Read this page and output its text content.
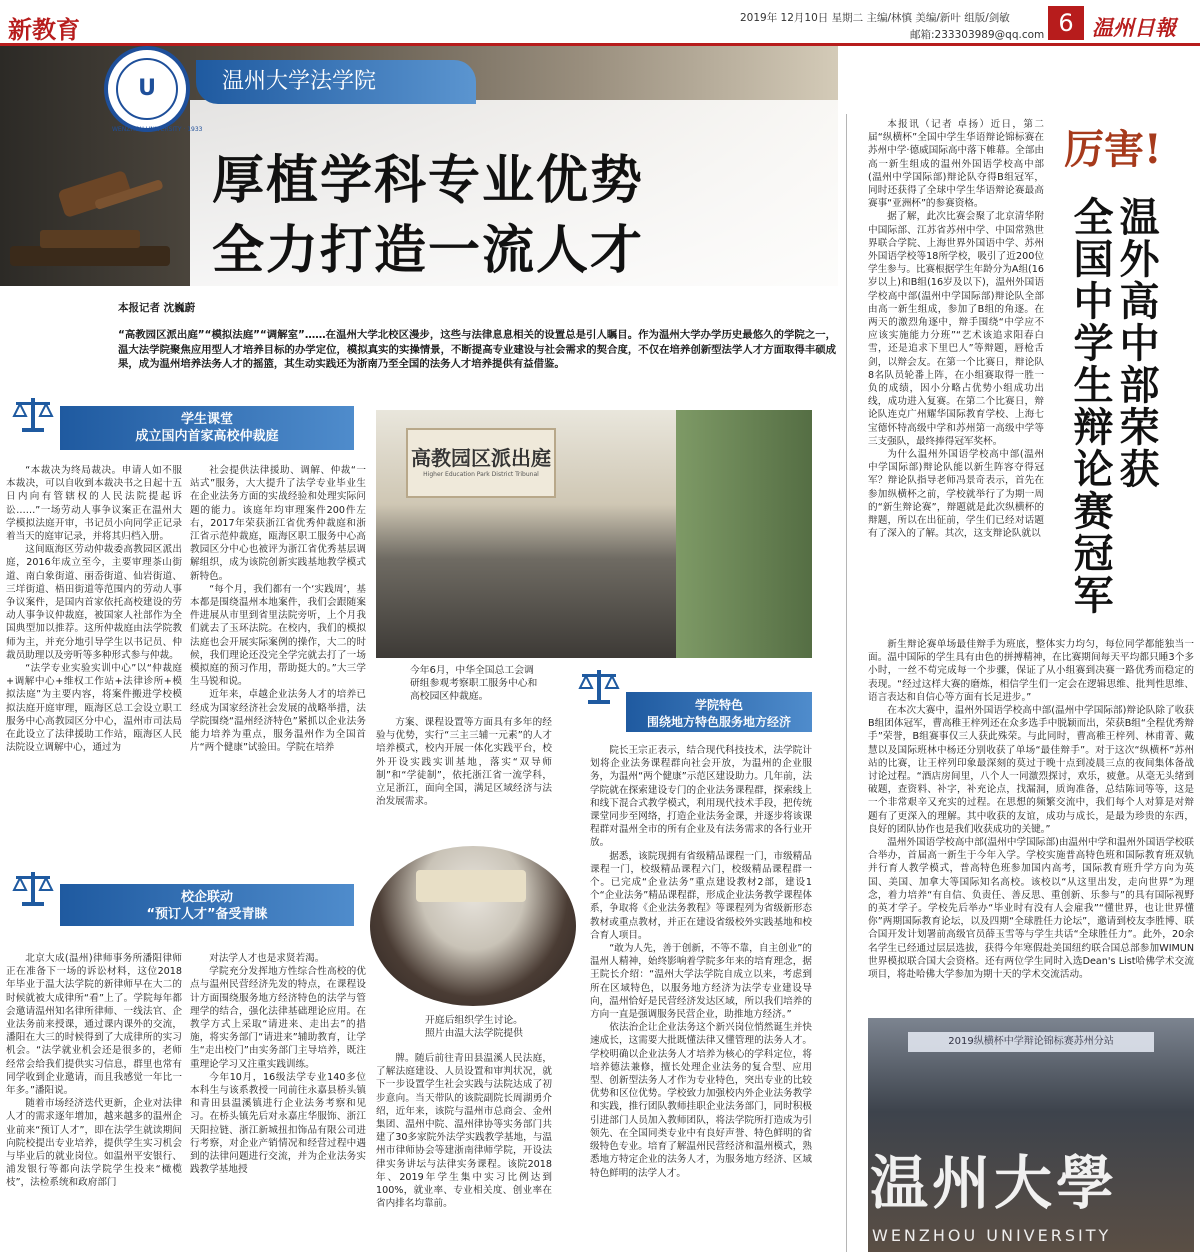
新教育	2019年 12月10日 星期二 主编/林慎 美编/新叶 组版/剑敏
邮箱:233303989@qq.com 6 温州日報
U
WENZHOU UNIVERSITY · 1933
温州大学法学院
厚植学科专业优势
全力打造一流人才
本报记者 沈巍蔚
“高教园区派出庭”“模拟法庭”“调解室”……在温州大学北校区漫步，这些与法律息息相关的设置总是引人瞩目。作为温州大学办学历史最悠久的学院之一，温大法学院聚焦应用型人才培养目标的办学定位，模拟真实的实操情景，不断提高专业建设与社会需求的契合度，不仅在培养创新型法学人才方面取得丰硕成果，成为温州培养法务人才的摇篮，其生动实践还为浙南乃至全国的法务人才培养提供有益借鉴。
学生课堂
成立国内首家高校仲裁庭

“本裁决为终局裁决。申请人如不服本裁决，可以自收到本裁决书之日起十五日内向有管辖权的人民法院提起诉讼……”一场劳动人事争议案正在温州大学模拟法庭开审，书记员小向同学正记录着当天的庭审记录，并将其归档入册。

这间瓯海区劳动仲裁委高教园区派出庭，2016年成立至今，主要审理茶山街道、南白象街道、丽岙街道、仙岩街道、三垟街道、梧田街道等范围内的劳动人事争议案件，是国内首家依托高校建设的劳动人事争议仲裁庭，被国家人社部作为全国典型加以推荐。这所仲裁庭由法学院教师为主，并充分地引导学生以书记员、仲裁员助理以及旁听等多种形式参与仲裁。

“法学专业实验实训中心”以“仲裁庭+调解中心+维权工作站+法律诊所+模拟法庭”为主要内容，将案件搬进学校模拟法庭开庭审理，瓯海区总工会设立职工服务中心高教园区分中心，温州市司法局在此设立了法律援助工作站，瓯海区人民法院设立调解中心，通过为

社会提供法律援助、调解、仲裁“一站式”服务，大大提升了法学专业毕业生在企业法务方面的实战经验和处理实际问题的能力。该庭年均审理案件200件左右，2017年荣获浙江省优秀仲裁庭和浙江省示范仲裁庭，瓯海区职工服务中心高教园区分中心也被评为浙江省优秀基层调解组织，成为该院创新实践基地教学模式新特色。

“每个月，我们都有一个‘实践周’，基本都是围绕温州本地案件，我们会跟随案件进展从市里到省里法院旁听，上个月我们就去了玉环法院。在校内，我们的模拟法庭也会开展实际案例的操作，大二的时候，我们理论还没完全学完就去打了一场模拟庭的预习作用，帮助挺大的。”大三学生马锐和说。

近年来，卓越企业法务人才的培养已经成为国家经济社会发展的战略举措，法学院围绕“温州经济特色”紧抓以企业法务能力培养为重点，服务温州作为全国首片“两个健康”试验田。学院在培养

高教园区派出庭
Higher Education Park District Tribunal
今年6月，中华全国总工会调研组参观考察职工服务中心和高校园区仲裁庭。

方案、课程设置等方面具有多年的经验与优势，实行“三主三辅一元素”的人才培养模式，校内开展一体化实践平台，校外开设实践实训基地，落实“双导师制”和“学徒制”，依托浙江省一流学科，立足浙江，面向全国，满足区域经济与法治发展需求。

学院特色
围绕地方特色服务地方经济

院长王宗正表示，结合现代科技技术，法学院计划将企业法务课程群向社会开放，为温州的企业服务，为温州“两个健康”示范区建设助力。几年前，法学院就在探索建设专门的企业法务课程群，探索线上和线下混合式教学模式，利用现代技术手段，把传统课堂同步至网络，打造企业法务金课，并逐步将该课程群对温州全市的所有企业及有法务需求的各行业开放。

据悉，该院现拥有省级精品课程一门，市级精品课程一门，校级精品课程六门，校级精品课程群一个。已完成“企业法务”重点建设教材2部，建设1个“企业法务”精品课程群，形成企业法务教学课程体系，争取将《企业法务教程》等课程列为省级新形态教材或重点教材，并正在建设省级校外实践基地和校合育人项目。

“敢为人先，善于创新，不等不靠，自主创业”的温州人精神，始终影响着学院多年来的培育理念，据王院长介绍：“温州大学法学院自成立以来，考虑到所在区域特色，以服务地方经济为法学专业建设导向，温州恰好是民营经济发达区域，所以我们培养的方向一直是强调服务民营企业，助推地方经济。”

依法治企让企业法务这个新兴岗位悄然诞生并快速成长，这需要大批既懂法律又懂管理的法务人才。学校明确以企业法务人才培养为核心的学科定位，将培养德法兼修，擅长处理企业法务的复合型、应用型、创新型法务人才作为专业特色，突出专业的比较优势和区位优势。学校致力加强校内外企业法务教学和实践，推行团队教师挂职企业法务部门，同时积极引进部门人员加入教师团队，将法学院所打造成为引领先、在全国同类专业中有良好声誉、特色鲜明的省级特色专业。培育了解温州民营经济和温州模式，熟悉地方特定企业的法务人才，为服务地方经济、区域特色鲜明的法学人才。

校企联动
“预订人才”备受青睐
开庭后组织学生讨论。
照片由温大法学院提供

北京大成(温州)律师事务所潘阳律师正在准备下一场的诉讼材料，这位2018年毕业于温大法学院的新律师早在大二的时候就被大成律所“看”上了。学院每年都会邀请温州知名律所律师、一线法官、企业法务前来授课，通过课内课外的交流，潘阳在大三的时候得到了大成律所的实习机会。“法学就业机会还是很多的，老师经常会给我们提供实习信息，群里也常有同学收到企业邀请，而且我感觉一年比一年多。”潘阳说。

随着市场经济迭代更新，企业对法律人才的需求逐年增加，越来越多的温州企业前来“预订人才”，即在法学生就读期间向院校提出专业培养，提供学生实习机会与毕业后的就业岗位。如温州平安银行、浦发银行等都向法学院学生投来“橄榄枝”，法检系统和政府部门

对法学人才也是求贤若渴。

学院充分发挥地方性综合性高校的优点与温州民营经济先发的特点，在课程设计方面围绕服务地方经济特色的法学与管理学的结合，强化法律基础理论应用。在教学方式上采取“请进来、走出去”的措施，将实务部门“请进来”辅助教育，让学生“走出校门”由实务部门主导培养，既注重理论学习又注重实践训练。

今年10月，16级法学专业140多位本科生与该系教授一同前往永嘉县桥头镇和青田县温溪镇进行企业法务考察和见习。在桥头镇先后对永嘉庄华服饰、浙江天阳拉链、浙江新城扭扣饰品有限公司进行考察，对企业产销情况和经营过程中遇到的法律问题进行交流，并为企业法务实践教学基地授

牌。随后前往青田县温溪人民法庭，了解法庭建设、人员设置和审判状况，就下一步设置学生社会实践与法院达成了初步意向。当天带队的该院副院长周湖勇介绍，近年来，该院与温州市总商会、金州集团、温州中院、温州律协等实务部门共建了30多家院外法学实践教学基地，与温州市律师协会等建浙南律师学院，开设法律实务讲坛与法律实务课程。该院2018年、2019年学生集中实习比例达到100%，就业率、专业相关度、创业率在省内排名均靠前。

本报讯（记者 卓扬）近日，第二届“纵横杯”全国中学生华语辩论锦标赛在苏州中学·德威国际高中落下帷幕。全部由高一新生组成的温州外国语学校高中部(温州中学国际部)辩论队夺得B组冠军，同时还获得了全球中学生华语辩论赛最高赛事“亚洲杯”的参赛资格。

据了解，此次比赛会聚了北京清华附中国际部、江苏省苏州中学、中国常熟世界联合学院、上海世界外国语中学、苏州外国语学校等18所学校，吸引了近200位学生参与。比赛根据学生年龄分为A组(16岁以上)和B组(16岁及以下)，温州外国语学校高中部(温州中学国际部)辩论队全部由高一新生组成，参加了B组的角逐。在两天的激烈角逐中，辩手围绕“中学应不应该实施能力分班”“艺术该追求阳春白雪，还是追求下里巴人”等辩题，唇枪舌剑，以辩会友。在第一个比赛日，辩论队8名队员轮番上阵，在小组赛取得一胜一负的成绩，因小分略占优势小组成功出线，成功进入复赛。在第二个比赛日，辩论队连克广州耀华国际教育学校、上海七宝德怀特高级中学和苏州第一高级中学等三支强队，最终捧得冠军奖杯。

为什么温州外国语学校高中部(温州中学国际部)辩论队能以新生阵容夺得冠军？辩论队指导老师冯景奇表示，首先在参加纵横杯之前，学校就举行了为期一周的“新生辩论赛”，辩题就是此次纵横杯的辩题，所以在出征前，学生们已经对话题有了深入的了解。其次，这支辩论队就以

厉害!
温外高中部荣获
全国中学生辩论赛冠军

新生辩论赛单场最佳辩手为班底，整体实力均匀，每位同学都能独当一面。温中国际的学生具有由色的拼搏精神，在比赛期间每天平均都只睡3个多小时，一丝不苟完成每一个步骤，保证了从小组赛到决赛一路优秀而稳定的表现。“经过这样大赛的磨炼，相信学生们一定会在逻辑思维、批判性思维、语言表达和自信心等方面有长足进步。”

在本次大赛中，温州外国语学校高中部(温州中学国际部)辩论队除了收获B组团体冠军，曹高稚王梓列还在众多选手中脱颖而出，荣获B组“全程优秀辩手”荣誉，B组赛事仅三人获此殊荣。与此同时，曹高稚王梓列、林甫菁、戴慧以及国际班林中杨还分别收获了单场“最佳辩手”。对于这次“纵横杯”苏州站的比赛，让王梓列印象最深刻的莫过于晚十点到凌晨三点的夜间集体备战讨论过程。“酒店房间里，八个人一同激烈探讨，欢乐，疲惫。从毫无头绪到破题，查资料、补字，补充论点，找漏洞，质询准备，总结陈词等等，这是一个非常艰辛又充实的过程。在思想的频繁交流中，我们每个人对算是对辩题有了更深入的理解。其中收获的友谊，成功与成长，是最为珍贵的东西，良好的团队协作也是我们收获成功的关键。”

温州外国语学校高中部(温州中学国际部)由温州中学和温州外国语学校联合举办，首届高一新生于今年入学。学校实施普高特色班和国际教育班双轨并行育人教学模式，普高特色班参加国内高考，国际教育班升学方向为英国、美国、加拿大等国际知名高校。该校以“从这里出发，走向世界”为理念，着力培养“有自信、负责任、善反思、重创新、乐参与”的具有国际视野的英才学子。学校先后举办“毕业时有没有人会雇我”“懂世界，也让世界懂你”两期国际教育论坛，以及四期“全球胜任力论坛”，邀请到校友李胜博、联合国开发计划署前高级官员薛玉雪等与学生共话“全球胜任力”。此外，20余名学生已经通过层层选拔，获得今年寒假赴美国纽约联合国总部参加WIMUN世界模拟联合国大会资格。还有两位学生同时入选Dean's List哈佛学术交流项目，将赴哈佛大学参加为期十天的学术交流活动。

2019纵横杯中学辩论锦标赛苏州分站
温州大學
WENZHOU UNIVERSITY
